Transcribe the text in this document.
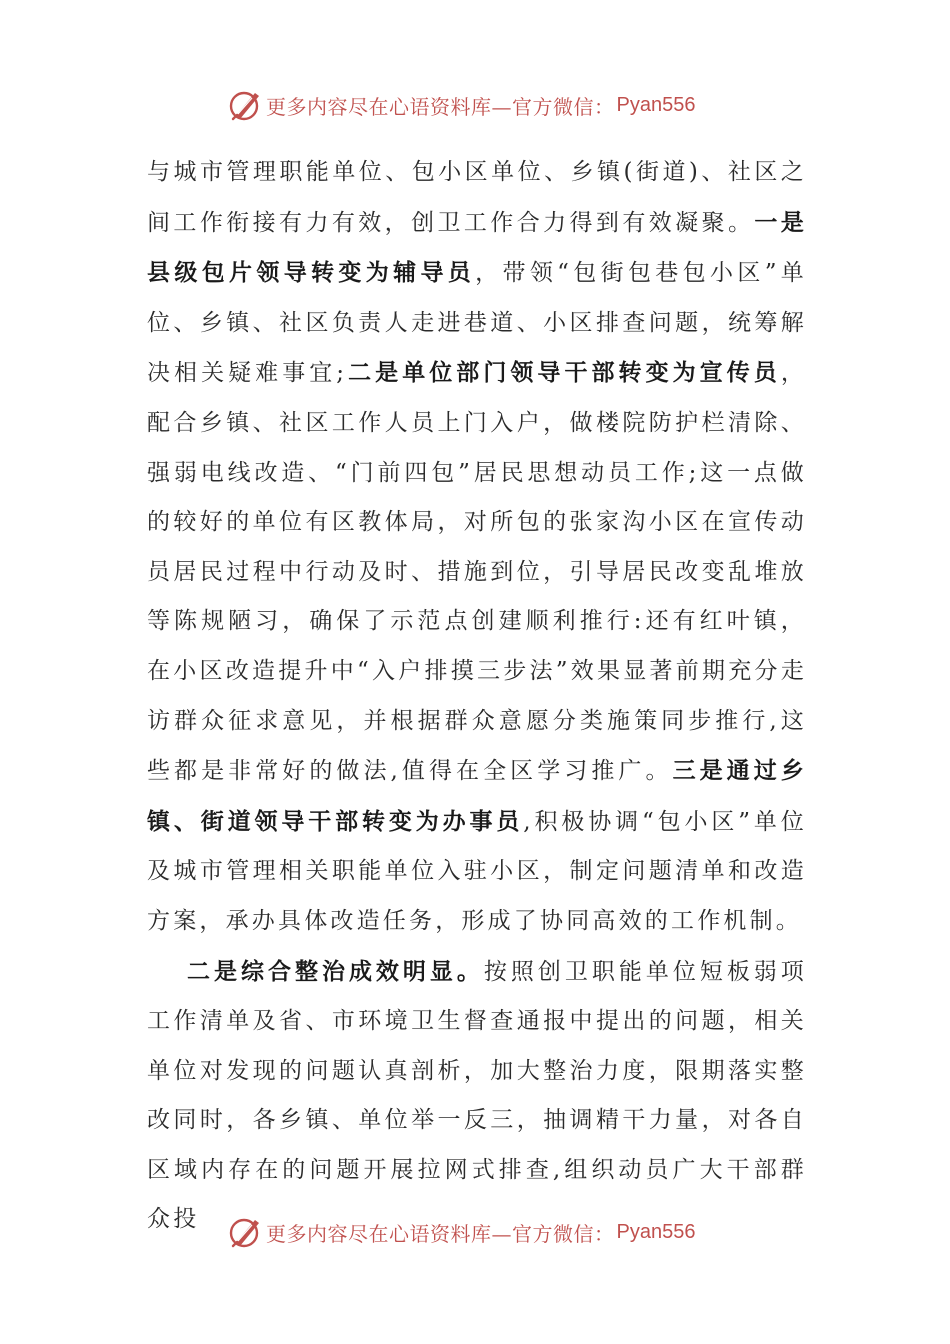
更多内容尽在心语资料库—官方微信： Pyan556

与城市管理职能单位、包小区单位、乡镇(街道)、社区之间工作衔接有力有效，创卫工作合力得到有效凝聚。一是县级包片领导转变为辅导员，带领“包街包巷包小区”单位、乡镇、社区负责人走进巷道、小区排查问题，统筹解决相关疑难事宜;二是单位部门领导干部转变为宣传员，配合乡镇、社区工作人员上门入户，做楼院防护栏清除、强弱电线改造、“门前四包”居民思想动员工作;这一点做的较好的单位有区教体局，对所包的张家沟小区在宣传动员居民过程中行动及时、措施到位，引导居民改变乱堆放等陈规陋习，确保了示范点创建顺利推行:还有红叶镇，在小区改造提升中“入户排摸三步法”效果显著前期充分走访群众征求意见，并根据群众意愿分类施策同步推行,这些都是非常好的做法,值得在全区学习推广。三是通过乡镇、街道领导干部转变为办事员,积极协调“包小区”单位及城市管理相关职能单位入驻小区，制定问题清单和改造方案，承办具体改造任务，形成了协同高效的工作机制。

二是综合整治成效明显。按照创卫职能单位短板弱项工作清单及省、市环境卫生督查通报中提出的问题，相关单位对发现的问题认真剖析，加大整治力度，限期落实整改同时，各乡镇、单位举一反三，抽调精干力量，对各自区域内存在的问题开展拉网式排查,组织动员广大干部群众投

更多内容尽在心语资料库—官方微信： Pyan556
